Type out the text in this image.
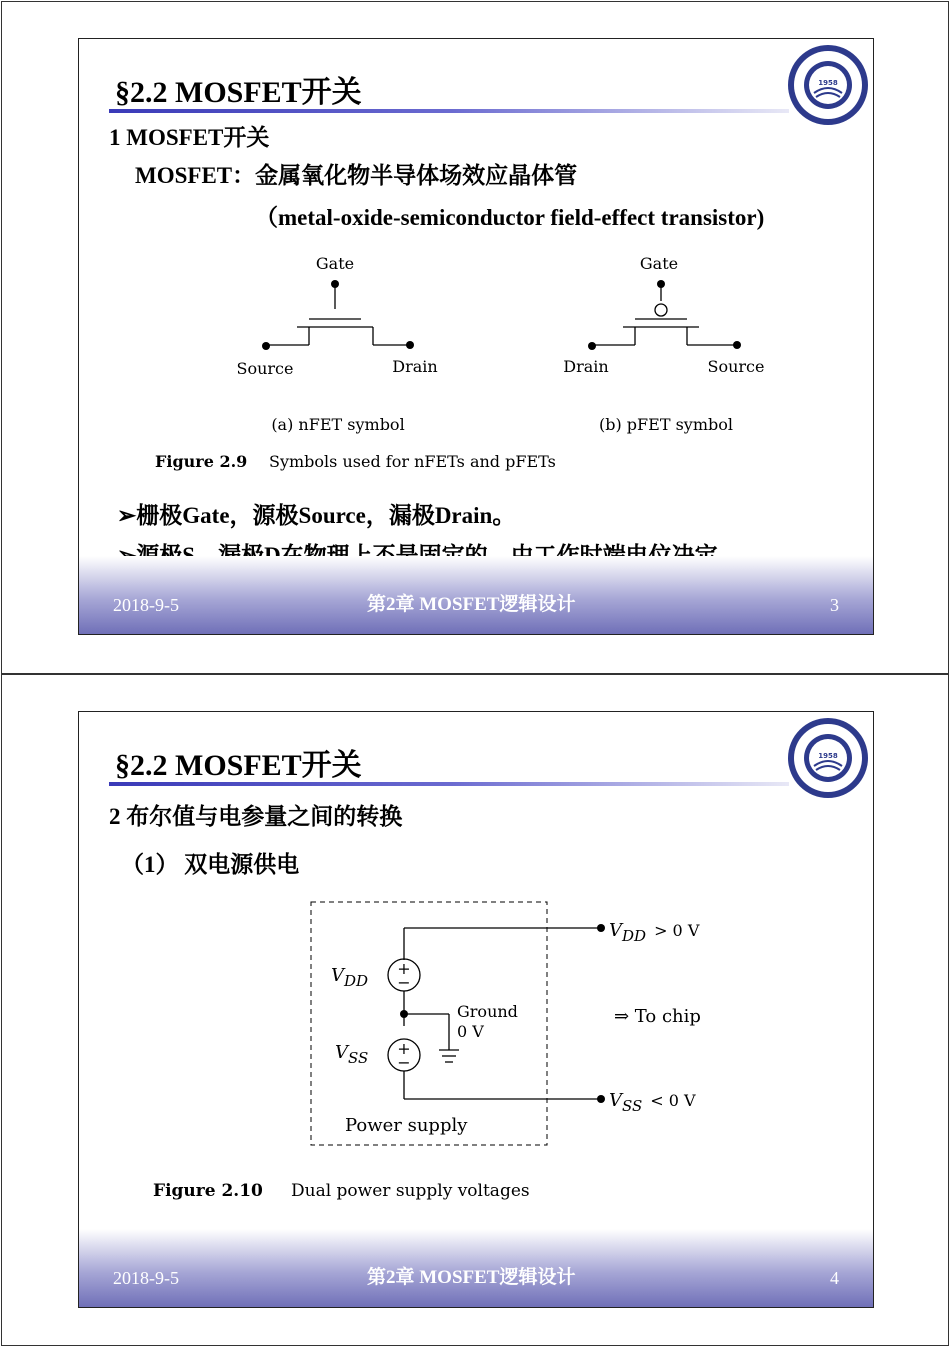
§2.2 MOSFET开关	1958
1 MOSFET开关
MOSFET：金属氧化物半导体场效应晶体管
（metal-oxide-semiconductor field-effect transistor)
Gate
Source	Drain
Gate
Drain	Source
(a) nFET symbol	(b) pFET symbol
Figure 2.9 Symbols used for nFETs and pFETs
➢栅极Gate，源极Source，漏极Drain。
2018-9-5	第2章 MOSFET逻辑设计	3
§2.2 MOSFET开关	1958
2 布尔值与电参量之间的转换
（1） 双电源供电
+
−
+
−
$V_{DD}$
$V_{SS}$
Ground
0 V
$V_{DD} > 0$ V
$V_{SS} < 0$ V
⇒ To chip
Power supply
Figure 2.10 Dual power supply voltages
2018-9-5	第2章 MOSFET逻辑设计	4
